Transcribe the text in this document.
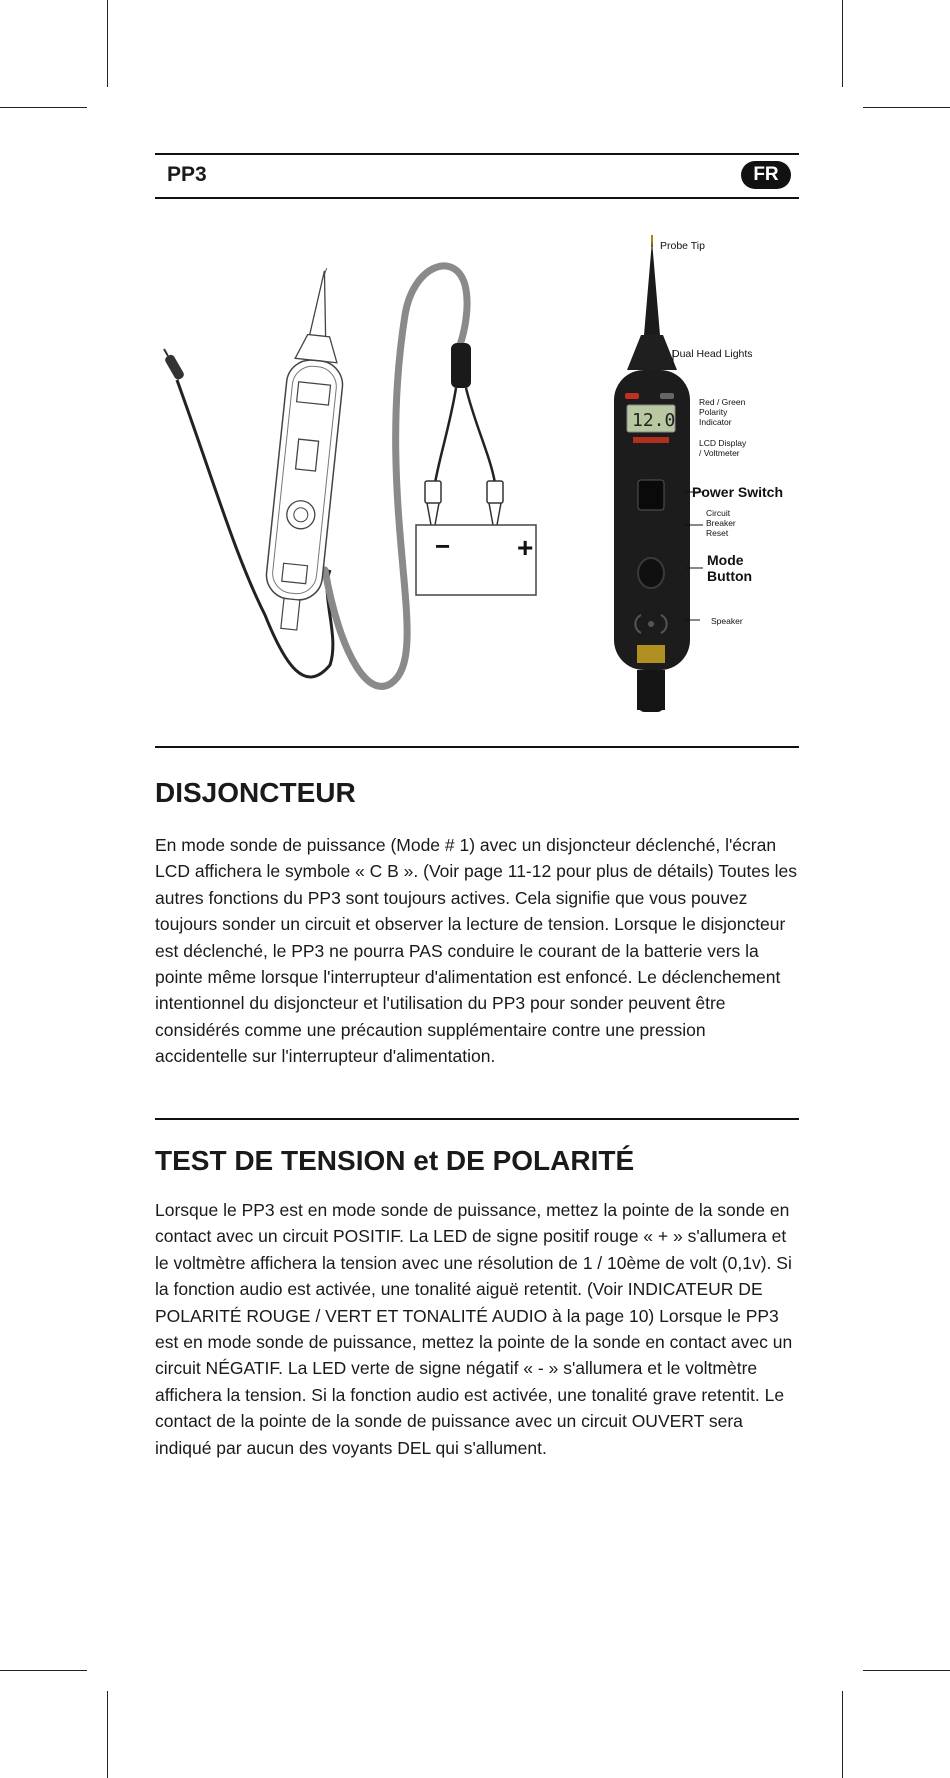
PP3	FR
− +
12.0
Probe Tip
Dual Head Lights
Red / Green
Polarity
Indicator
LCD Display
/ Voltmeter
Power Switch
Circuit
Breaker
Reset
Mode
Button
Speaker
DISJONCTEUR

En mode sonde de puissance (Mode # 1) avec un disjoncteur déclenché, l'écran LCD affichera le symbole « C B ». (Voir page 11-12 pour plus de détails) Toutes les autres fonctions du PP3 sont toujours actives. Cela signifie que vous pouvez toujours sonder un circuit et observer la lecture de tension. Lorsque le disjoncteur est déclenché, le PP3 ne pourra PAS conduire le courant de la batterie vers la pointe même lorsque l'interrupteur d'alimentation est enfoncé. Le déclenchement intentionnel du disjoncteur et l'utilisation du PP3 pour sonder peuvent être considérés comme une précaution supplémentaire contre une pression accidentelle sur l'interrupteur d'alimentation.

TEST DE TENSION et DE POLARITÉ

Lorsque le PP3 est en mode sonde de puissance, mettez la pointe de la sonde en contact avec un circuit POSITIF. La LED de signe positif rouge « + » s'allumera et le voltmètre affichera la tension avec une résolution de 1 / 10ème de volt (0,1v). Si la fonction audio est activée, une tonalité aiguë retentit. (Voir INDICATEUR DE POLARITÉ ROUGE / VERT ET TONALITÉ AUDIO à la page 10) Lorsque le PP3 est en mode sonde de puissance, mettez la pointe de la sonde en contact avec un circuit NÉGATIF. La LED verte de signe négatif « - » s'allumera et le voltmètre affichera la tension. Si la fonction audio est activée, une tonalité grave retentit. Le contact de la pointe de la sonde de puissance avec un circuit OUVERT sera indiqué par aucun des voyants DEL qui s'allument.
